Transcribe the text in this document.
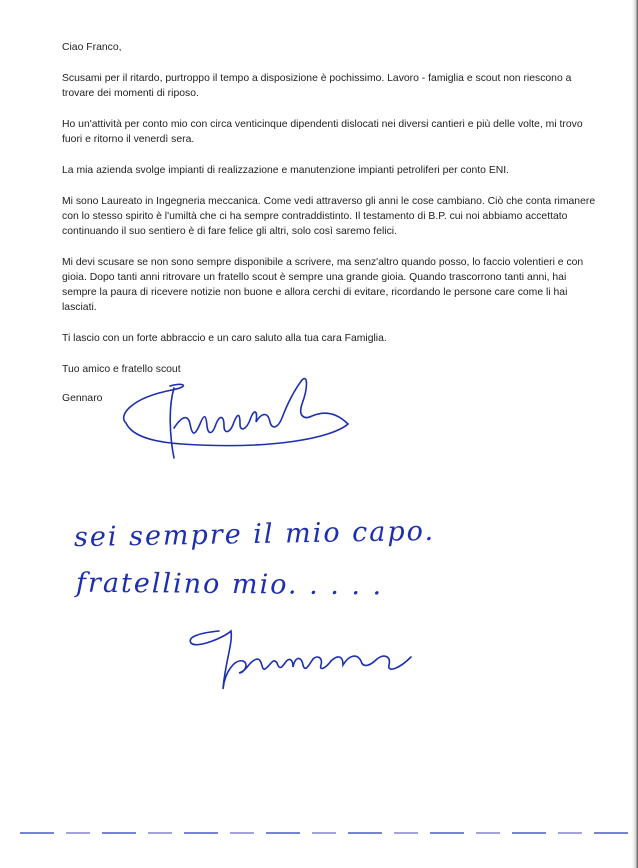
Ciao Franco,

Scusami per il ritardo, purtroppo il tempo a disposizione è pochissimo. Lavoro - famiglia e scout non riescono a trovare dei momenti di riposo.

Ho un'attività per conto mio con circa venticinque dipendenti dislocati nei diversi cantieri e più delle volte, mi trovo fuori e ritorno il venerdì sera.

La mia azienda svolge impianti di realizzazione e manutenzione impianti petroliferi per conto ENI.

Mi sono Laureato in Ingegneria meccanica. Come vedi attraverso gli anni le cose cambiano. Ciò che conta rimanere con lo stesso spirito è l'umiltà che ci ha sempre contraddistinto. Il testamento di B.P. cui noi abbiamo accettato continuando il suo sentiero è di fare felice gli altri, solo così saremo felici.

Mi devi scusare se non sono sempre disponibile a scrivere, ma senz'altro quando posso, lo faccio volentieri e con gioia. Dopo tanti anni ritrovare un fratello scout è sempre una grande gioia. Quando trascorrono tanti anni, hai sempre la paura di ricevere notizie non buone e allora cerchi di evitare, ricordando le persone care come li hai lasciati.

Ti lascio con un forte abbraccio e un caro saluto alla tua cara Famiglia.

Tuo amico e fratello scout

Gennaro

sei sempre il mio capo.
fratellino mio. . . . .
